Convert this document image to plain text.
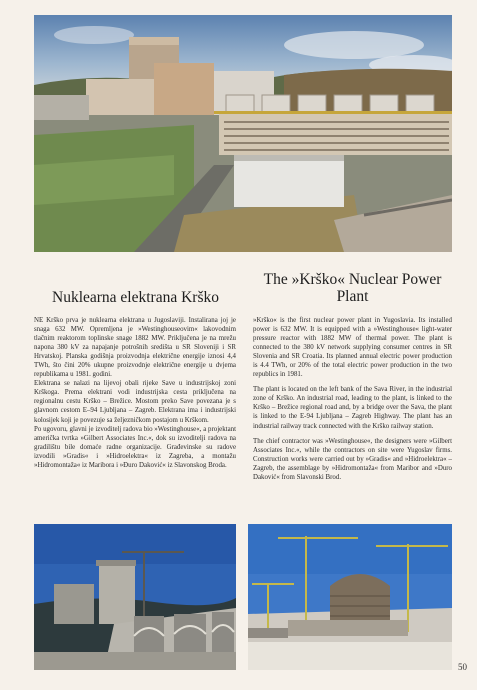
Nuklearna elektrana Krško
The »Krško« Nuclear Power Plant

NE Krško prva je nuklearna elektrana u Jugoslaviji. Instalirana joj je snaga 632 MW. Opremljena je »Westinghouseovim« lakovodnim tlačnim reaktorom toplinske snage 1882 MW. Priključena je na mrežu napona 380 kV za napajanje potrošnih središta u SR Sloveniji i SR Hrvatskoj. Planska godišnja proizvodnja električne energije iznosi 4,4 TWh, što čini 20% ukupne proizvodnje električne energije u dvjema republikama u 1981. godini.

Elektrana se nalazi na lijevoj obali rijeke Save u industrijskoj zoni Krškoga. Prema elektrani vodi industrijska cesta priključena na regionalnu cestu Krško – Brežice. Mostom preko Save povezana je s glavnom cestom E–94 Ljubljana – Zagreb. Elektrana ima i industrijski kolosijek koji je povezuje sa željezničkom postajom u Krškom.

Po ugovoru, glavni je izvoditelj radova bio »Westinghouse«, a projektant američka tvrtka »Gilbert Associates Inc.«, dok su izvoditelji radova na gradilištu bile domaće radne organizacije. Građevinske su radove izvodili »Gradis« i »Hidroelektra« iz Zagreba, a montažu »Hidromontaža« iz Maribora i »Đuro Daković« iz Slavonskog Broda.

»Krško« is the first nuclear power plant in Yugoslavia. Its installed power is 632 MW. It is equipped with a »Westinghouse« light-water pressure reactor with 1882 MW of thermal power. The plant is connected to the 380 kV network supplying consumer centres in SR Slovenia and SR Croatia. Its planned annual electric power production is 4.4 TWh, or 20% of the total electric power production in the two republics in 1981.

The plant is located on the left bank of the Sava River, in the industrial zone of Krško. An industrial road, leading to the plant, is linked to the Krško – Brežice regional road and, by a bridge over the Sava, the plant is linked to the E-94 Ljubljana – Zagreb Highway. The plant has an industrial railway track connected with the Krško railway station.

The chief contractor was »Westinghouse«, the designers were »Gilbert Associates Inc.«, while the contractors on site were Yugoslav firms. Construction works were carried out by »Gradis« and »Hidroelektra« – Zagreb, the assemblage by »Hidromontaža« from Maribor and »Duro Daković« from Slavonski Brod.

50
